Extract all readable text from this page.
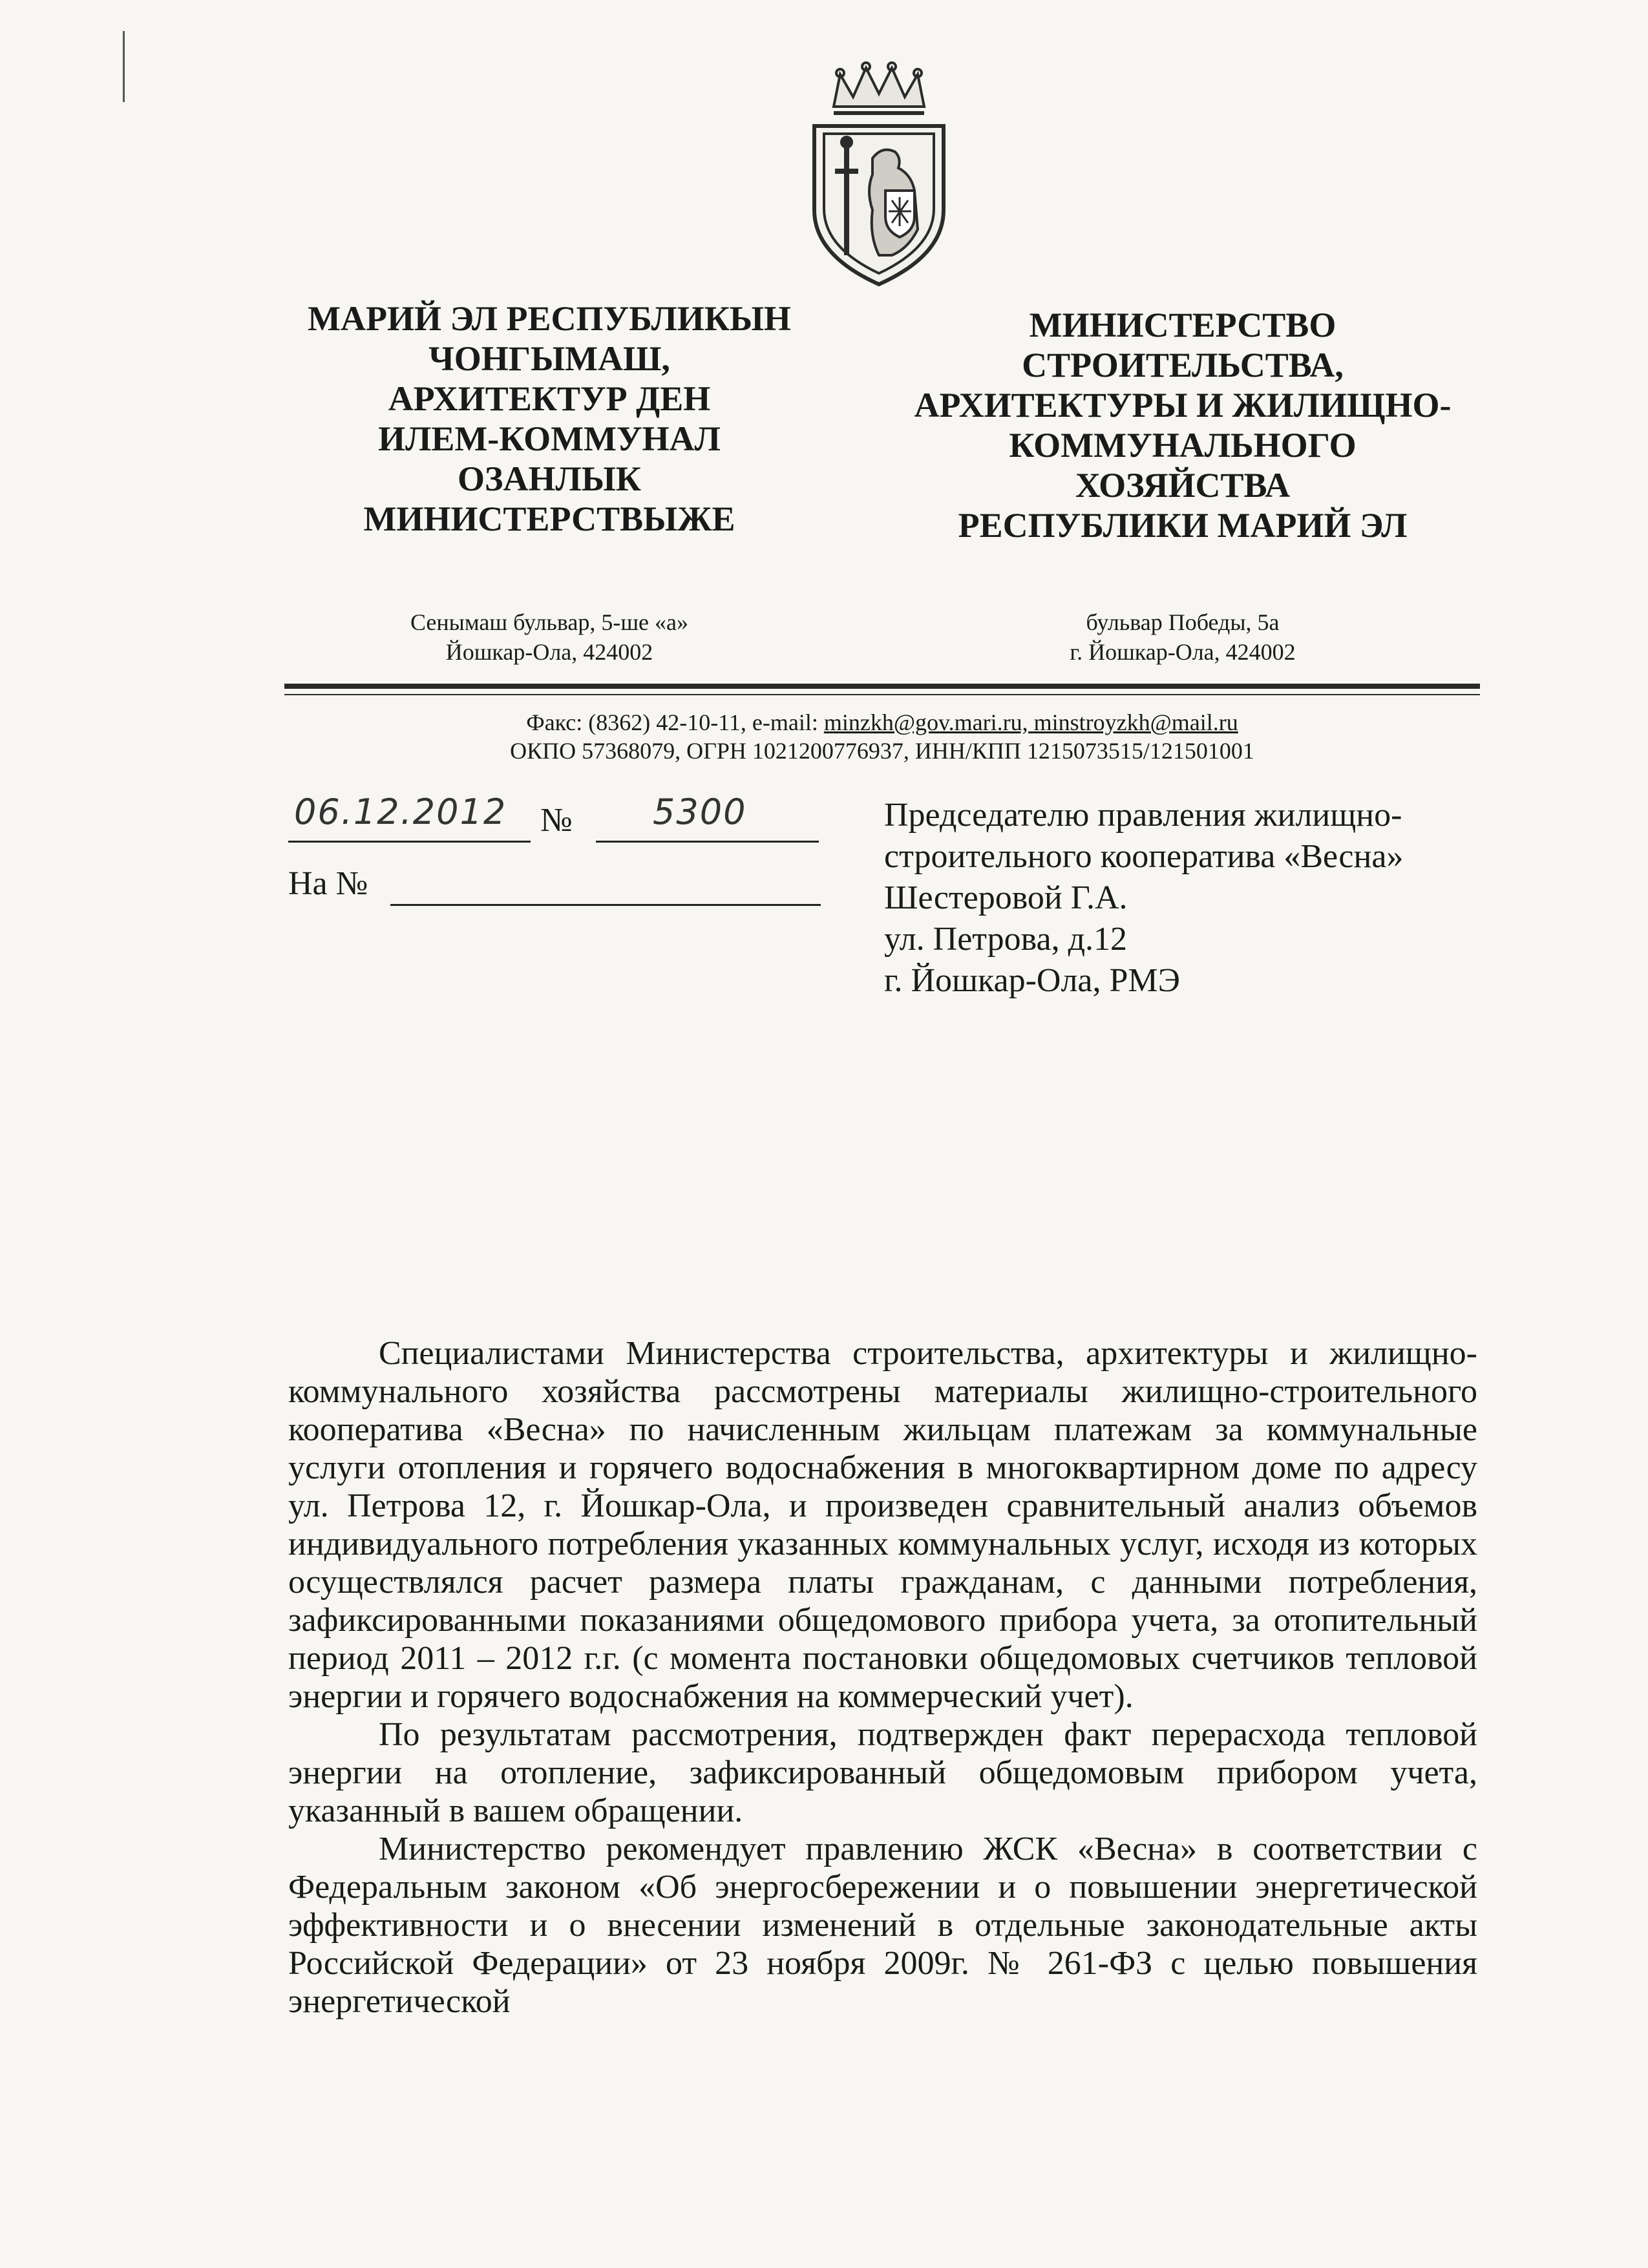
МАРИЙ ЭЛ РЕСПУБЛИКЫН
ЧОНГЫМАШ,
АРХИТЕКТУР ДЕН
ИЛЕМ-КОММУНАЛ
ОЗАНЛЫК
МИНИСТЕРСТВЫЖЕ
МИНИСТЕРСТВО
СТРОИТЕЛЬСТВА,
АРХИТЕКТУРЫ И ЖИЛИЩНО-
КОММУНАЛЬНОГО
ХОЗЯЙСТВА
РЕСПУБЛИКИ МАРИЙ ЭЛ
Сенымаш бульвар, 5-ше «а»
Йошкар-Ола, 424002
бульвар Победы, 5а
г. Йошкар-Ола, 424002
Факс: (8362) 42-10-11, e-mail: minzkh@gov.mari.ru, minstroyzkh@mail.ru
ОКПО 57368079, ОГРН 1021200776937, ИНН/КПП 1215073515/121501001
06.12.2012 № 5300
На №
Председателю правления жилищно-
строительного кооператива «Весна»
Шестеровой Г.А.
ул. Петрова, д.12
г. Йошкар-Ола, РМЭ

Специалистами Министерства строительства, архитектуры и жилищно-коммунального хозяйства рассмотрены материалы жилищно-строительного кооператива «Весна» по начисленным жильцам платежам за коммунальные услуги отопления и горячего водоснабжения в многоквартирном доме по адресу ул. Петрова 12, г. Йошкар-Ола, и произведен сравнительный анализ объемов индивидуального потребления указанных коммунальных услуг, исходя из которых осуществлялся расчет размера платы гражданам, с данными потребления, зафиксированными показаниями общедомового прибора учета, за отопительный период 2011 – 2012 г.г. (с момента постановки общедомовых счетчиков тепловой энергии и горячего водоснабжения на коммерческий учет).

По результатам рассмотрения, подтвержден факт перерасхода тепловой энергии на отопление, зафиксированный общедомовым прибором учета, указанный в вашем обращении.

Министерство рекомендует правлению ЖСК «Весна» в соответствии с Федеральным законом «Об энергосбережении и о повышении энергетической эффективности и о внесении изменений в отдельные законодательные акты Российской Федерации» от 23 ноября 2009г. № 261-ФЗ с целью повышения энергетической
